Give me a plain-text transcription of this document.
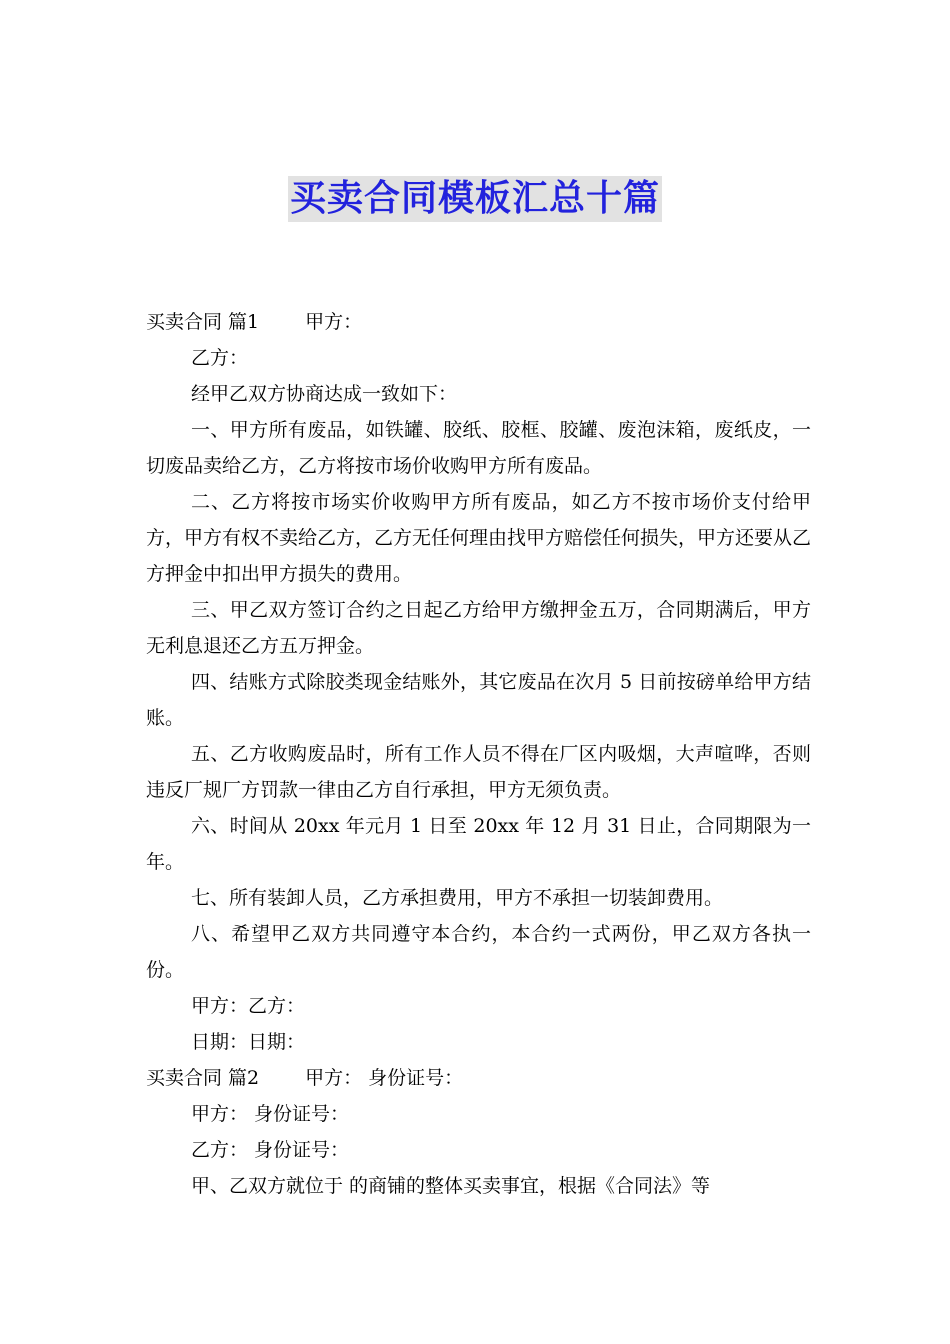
买卖合同模板汇总十篇

买卖合同 篇1 甲方：

乙方：

经甲乙双方协商达成一致如下：

一、甲方所有废品，如铁罐、胶纸、胶框、胶罐、废泡沫箱，废纸皮，一切废品卖给乙方，乙方将按市场价收购甲方所有废品。

二、乙方将按市场实价收购甲方所有废品，如乙方不按市场价支付给甲方，甲方有权不卖给乙方，乙方无任何理由找甲方赔偿任何损失，甲方还要从乙方押金中扣出甲方损失的费用。

三、甲乙双方签订合约之日起乙方给甲方缴押金五万，合同期满后，甲方无利息退还乙方五万押金。

四、结账方式除胶类现金结账外，其它废品在次月 5 日前按磅单给甲方结账。

五、乙方收购废品时，所有工作人员不得在厂区内吸烟，大声喧哗，否则违反厂规厂方罚款一律由乙方自行承担，甲方无须负责。

六、时间从 20xx 年元月 1 日至 20xx 年 12 月 31 日止，合同期限为一年。

七、所有装卸人员，乙方承担费用，甲方不承担一切装卸费用。

八、希望甲乙双方共同遵守本合约，本合约一式两份，甲乙双方各执一份。

甲方：乙方：

日期：日期：

买卖合同 篇2 甲方： 身份证号：

甲方： 身份证号：

乙方： 身份证号：

甲、乙双方就位于 的商铺的整体买卖事宜，根据《合同法》等
